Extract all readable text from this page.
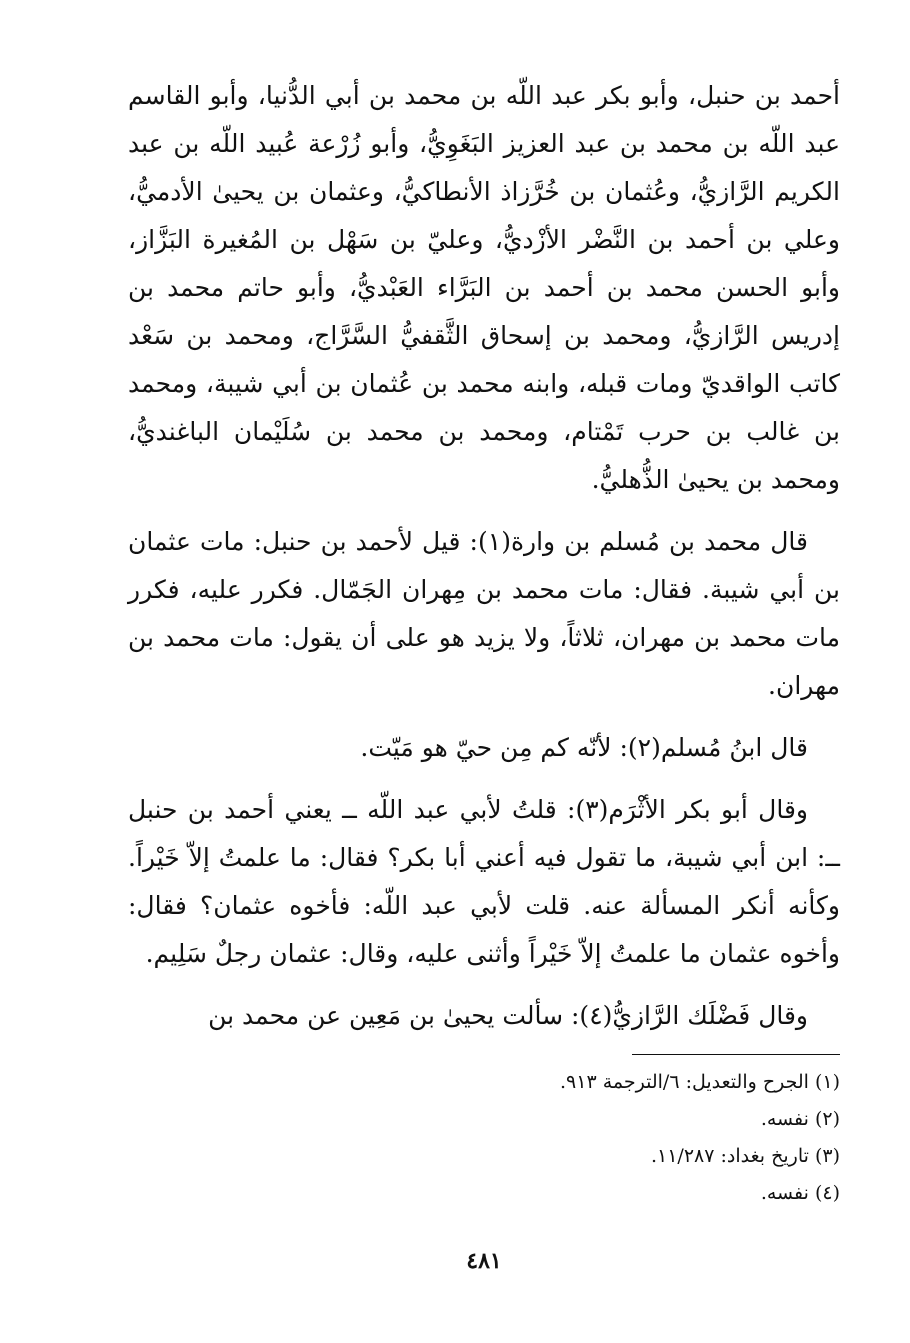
أحمد بن حنبل، وأبو بكر عبد اللّه بن محمد بن أبي الدُّنيا، وأبو القاسم عبد اللّه بن محمد بن عبد العزيز البَغَوِيُّ، وأبو زُرْعة عُبيد اللّه بن عبد الكريم الرَّازيُّ، وعُثمان بن خُرَّزاذ الأنطاكيُّ، وعثمان بن يحيىٰ الأدميُّ، وعلي بن أحمد بن النَّضْر الأزْديُّ، وعليّ بن سَهْل بن المُغيرة البَزَّاز، وأبو الحسن محمد بن أحمد بن البَرَّاء العَبْديُّ، وأبو حاتم محمد بن إدريس الرَّازيُّ، ومحمد بن إسحاق الثَّقفيُّ السَّرَّاج، ومحمد بن سَعْد كاتب الواقديّ ومات قبله، وابنه محمد بن عُثمان بن أبي شيبة، ومحمد بن غالب بن حرب تَمْتام، ومحمد بن محمد بن سُلَيْمان الباغنديُّ، ومحمد بن يحيىٰ الذُّهليُّ.

قال محمد بن مُسلم بن وارة(١): قيل لأحمد بن حنبل: مات عثمان بن أبي شيبة. فقال: مات محمد بن مِهران الجَمّال. فكرر عليه، فكرر مات محمد بن مهران، ثلاثاً، ولا يزيد هو على أن يقول: مات محمد بن مهران.

قال ابنُ مُسلم(٢): لأنّه كم مِن حيّ هو مَيّت.

وقال أبو بكر الأثْرَم(٣): قلتُ لأبي عبد اللّه ــ يعني أحمد بن حنبل ــ: ابن أبي شيبة، ما تقول فيه أعني أبا بكر؟ فقال: ما علمتُ إلاّ خَيْراً. وكأنه أنكر المسألة عنه. قلت لأبي عبد اللّه: فأخوه عثمان؟ فقال: وأخوه عثمان ما علمتُ إلاّ خَيْراً وأثنى عليه، وقال: عثمان رجلٌ سَلِيم.

وقال فَضْلَك الرَّازيُّ(٤): سألت يحيىٰ بن مَعِين عن محمد بن

(١) الجرح والتعديل: ٦/الترجمة ٩١٣.
(٢) نفسه.
(٣) تاريخ بغداد: ١١/٢٨٧.
(٤) نفسه.
٤٨١
